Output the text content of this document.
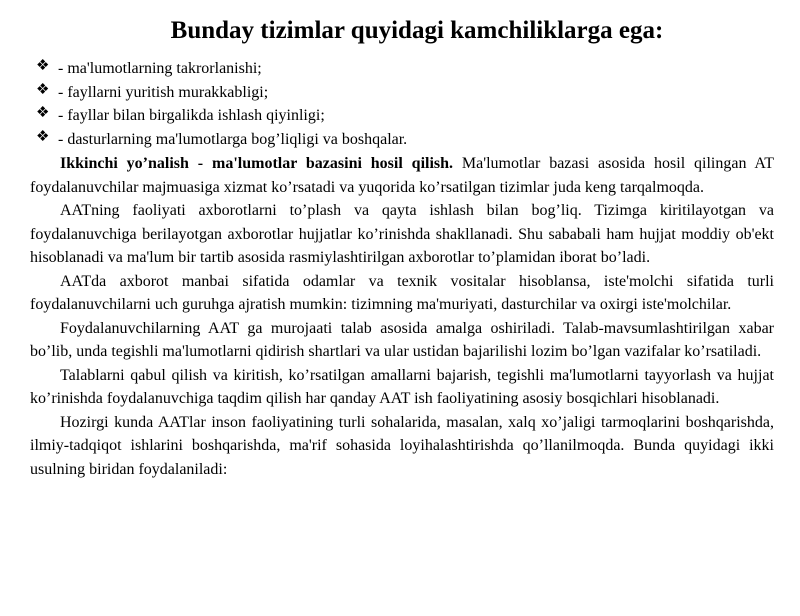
Bunday tizimlar quyidagi kamchiliklarga ega:
❖ - ma'lumotlarning takrorlanishi;
❖ - fayllarni yuritish murakkabligi;
❖ - fayllar bilan birgalikda ishlash qiyinligi;
❖ - dasturlarning ma'lumotlarga bog’liqligi va boshqalar.

Ikkinchi yo’nalish - ma'lumotlar bazasini hosil qilish. Ma'lumotlar bazasi asosida hosil qilingan AT foydalanuvchilar majmuasiga xizmat ko’rsatadi va yuqorida ko’rsatilgan tizimlar juda keng tarqalmoqda.

AATning faoliyati axborotlarni to’plash va qayta ishlash bilan bog’liq. Tizimga kiritilayotgan va foydalanuvchiga berilayotgan axborotlar hujjatlar ko’rinishda shakllanadi. Shu sababali ham hujjat moddiy ob'ekt hisoblanadi va ma'lum bir tartib asosida rasmiylashtirilgan axborotlar to’plamidan iborat bo’ladi.

AATda axborot manbai sifatida odamlar va texnik vositalar hisoblansa, iste'molchi sifatida turli foydalanuvchilarni uch guruhga ajratish mumkin: tizimning ma'muriyati, dasturchilar va oxirgi iste'molchilar.

Foydalanuvchilarning AAT ga murojaati talab asosida amalga oshiriladi. Talab-mavsumlashtirilgan xabar bo’lib, unda tegishli ma'lumotlarni qidirish shartlari va ular ustidan bajarilishi lozim bo’lgan vazifalar ko’rsatiladi.

Talablarni qabul qilish va kiritish, ko’rsatilgan amallarni bajarish, tegishli ma'lumotlarni tayyorlash va hujjat ko’rinishda foydalanuvchiga taqdim qilish har qanday AAT ish faoliyatining asosiy bosqichlari hisoblanadi.

Hozirgi kunda AATlar inson faoliyatining turli sohalarida, masalan, xalq xo’jaligi tarmoqlarini boshqarishda, ilmiy-tadqiqot ishlarini boshqarishda, ma'rif sohasida loyihalashtirishda qo’llanilmoqda. Bunda quyidagi ikki usulning biridan foydalaniladi:
